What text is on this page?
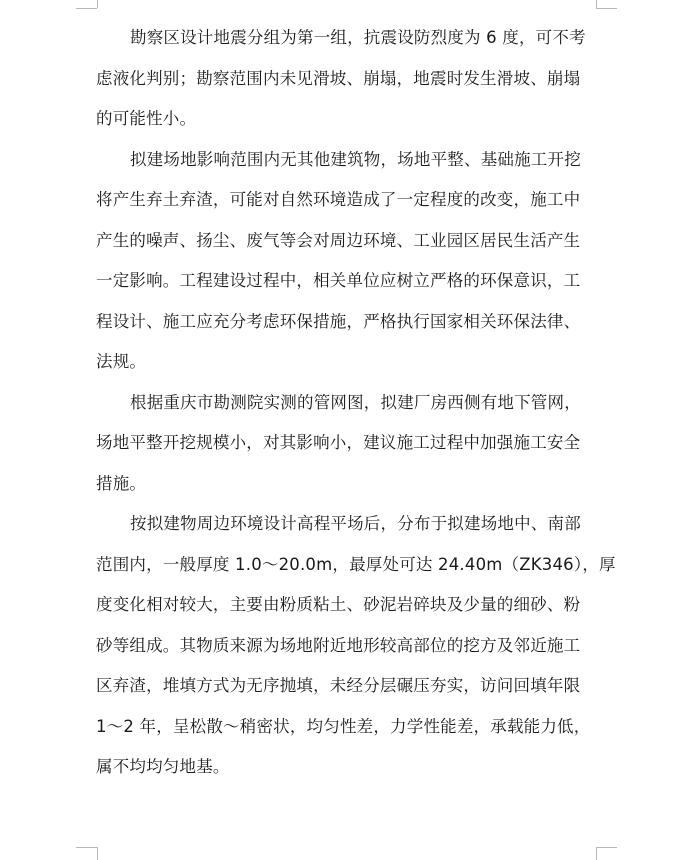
勘察区设计地震分组为第一组，抗震设防烈度为 6 度，可不考
虑液化判别；勘察范围内未见滑坡、崩塌，地震时发生滑坡、崩塌
的可能性小。
拟建场地影响范围内无其他建筑物，场地平整、基础施工开挖
将产生弃土弃渣，可能对自然环境造成了一定程度的改变，施工中
产生的噪声、扬尘、废气等会对周边环境、工业园区居民生活产生
一定影响。工程建设过程中，相关单位应树立严格的环保意识，工
程设计、施工应充分考虑环保措施，严格执行国家相关环保法律、
法规。
根据重庆市勘测院实测的管网图，拟建厂房西侧有地下管网，
场地平整开挖规模小，对其影响小，建议施工过程中加强施工安全
措施。
按拟建物周边环境设计高程平场后，分布于拟建场地中、南部
范围内，一般厚度 1.0～20.0m，最厚处可达 24.40m（ZK346），厚
度变化相对较大，主要由粉质粘土、砂泥岩碎块及少量的细砂、粉
砂等组成。其物质来源为场地附近地形较高部位的挖方及邻近施工
区弃渣，堆填方式为无序抛填，未经分层碾压夯实，访问回填年限
1～2 年，呈松散～稍密状，均匀性差，力学性能差，承载能力低，
属不均均匀地基。
